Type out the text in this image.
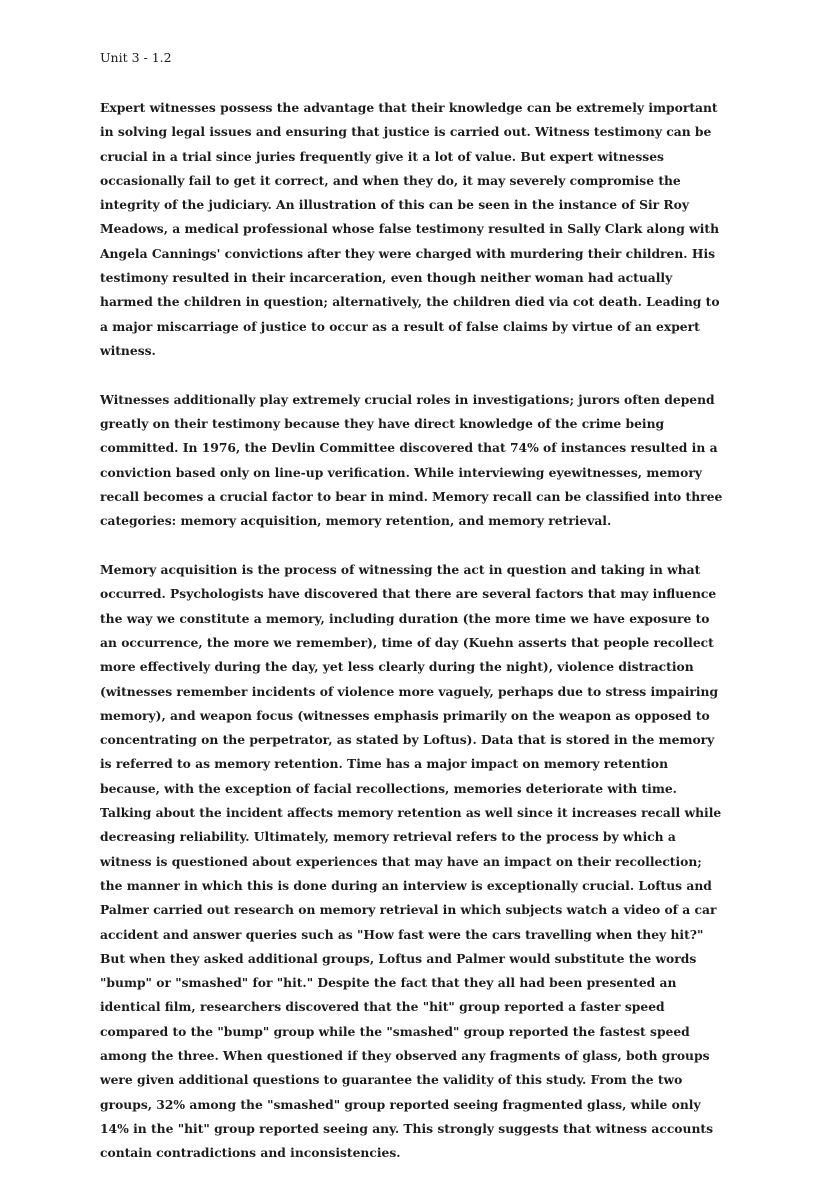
Unit 3 - 1.2

Expert witnesses possess the advantage that their knowledge can be extremely important in solving legal issues and ensuring that justice is carried out. Witness testimony can be crucial in a trial since juries frequently give it a lot of value. But expert witnesses occasionally fail to get it correct, and when they do, it may severely compromise the integrity of the judiciary. An illustration of this can be seen in the instance of Sir Roy Meadows, a medical professional whose false testimony resulted in Sally Clark along with Angela Cannings' convictions after they were charged with murdering their children. His testimony resulted in their incarceration, even though neither woman had actually harmed the children in question; alternatively, the children died via cot death. Leading to a major miscarriage of justice to occur as a result of false claims by virtue of an expert witness.

Witnesses additionally play extremely crucial roles in investigations; jurors often depend greatly on their testimony because they have direct knowledge of the crime being committed. In 1976, the Devlin Committee discovered that 74% of instances resulted in a conviction based only on line-up verification. While interviewing eyewitnesses, memory recall becomes a crucial factor to bear in mind. Memory recall can be classified into three categories: memory acquisition, memory retention, and memory retrieval.

Memory acquisition is the process of witnessing the act in question and taking in what occurred. Psychologists have discovered that there are several factors that may influence the way we constitute a memory, including duration (the more time we have exposure to an occurrence, the more we remember), time of day (Kuehn asserts that people recollect more effectively during the day, yet less clearly during the night), violence distraction (witnesses remember incidents of violence more vaguely, perhaps due to stress impairing memory), and weapon focus (witnesses emphasis primarily on the weapon as opposed to concentrating on the perpetrator, as stated by Loftus). Data that is stored in the memory is referred to as memory retention. Time has a major impact on memory retention because, with the exception of facial recollections, memories deteriorate with time. Talking about the incident affects memory retention as well since it increases recall while decreasing reliability. Ultimately, memory retrieval refers to the process by which a witness is questioned about experiences that may have an impact on their recollection; the manner in which this is done during an interview is exceptionally crucial. Loftus and Palmer carried out research on memory retrieval in which subjects watch a video of a car accident and answer queries such as "How fast were the cars travelling when they hit?" But when they asked additional groups, Loftus and Palmer would substitute the words "bump" or "smashed" for "hit." Despite the fact that they all had been presented an identical film, researchers discovered that the "hit" group reported a faster speed compared to the "bump" group while the "smashed" group reported the fastest speed among the three. When questioned if they observed any fragments of glass, both groups were given additional questions to guarantee the validity of this study. From the two groups, 32% among the "smashed" group reported seeing fragmented glass, while only 14% in the "hit" group reported seeing any. This strongly suggests that witness accounts contain contradictions and inconsistencies.
